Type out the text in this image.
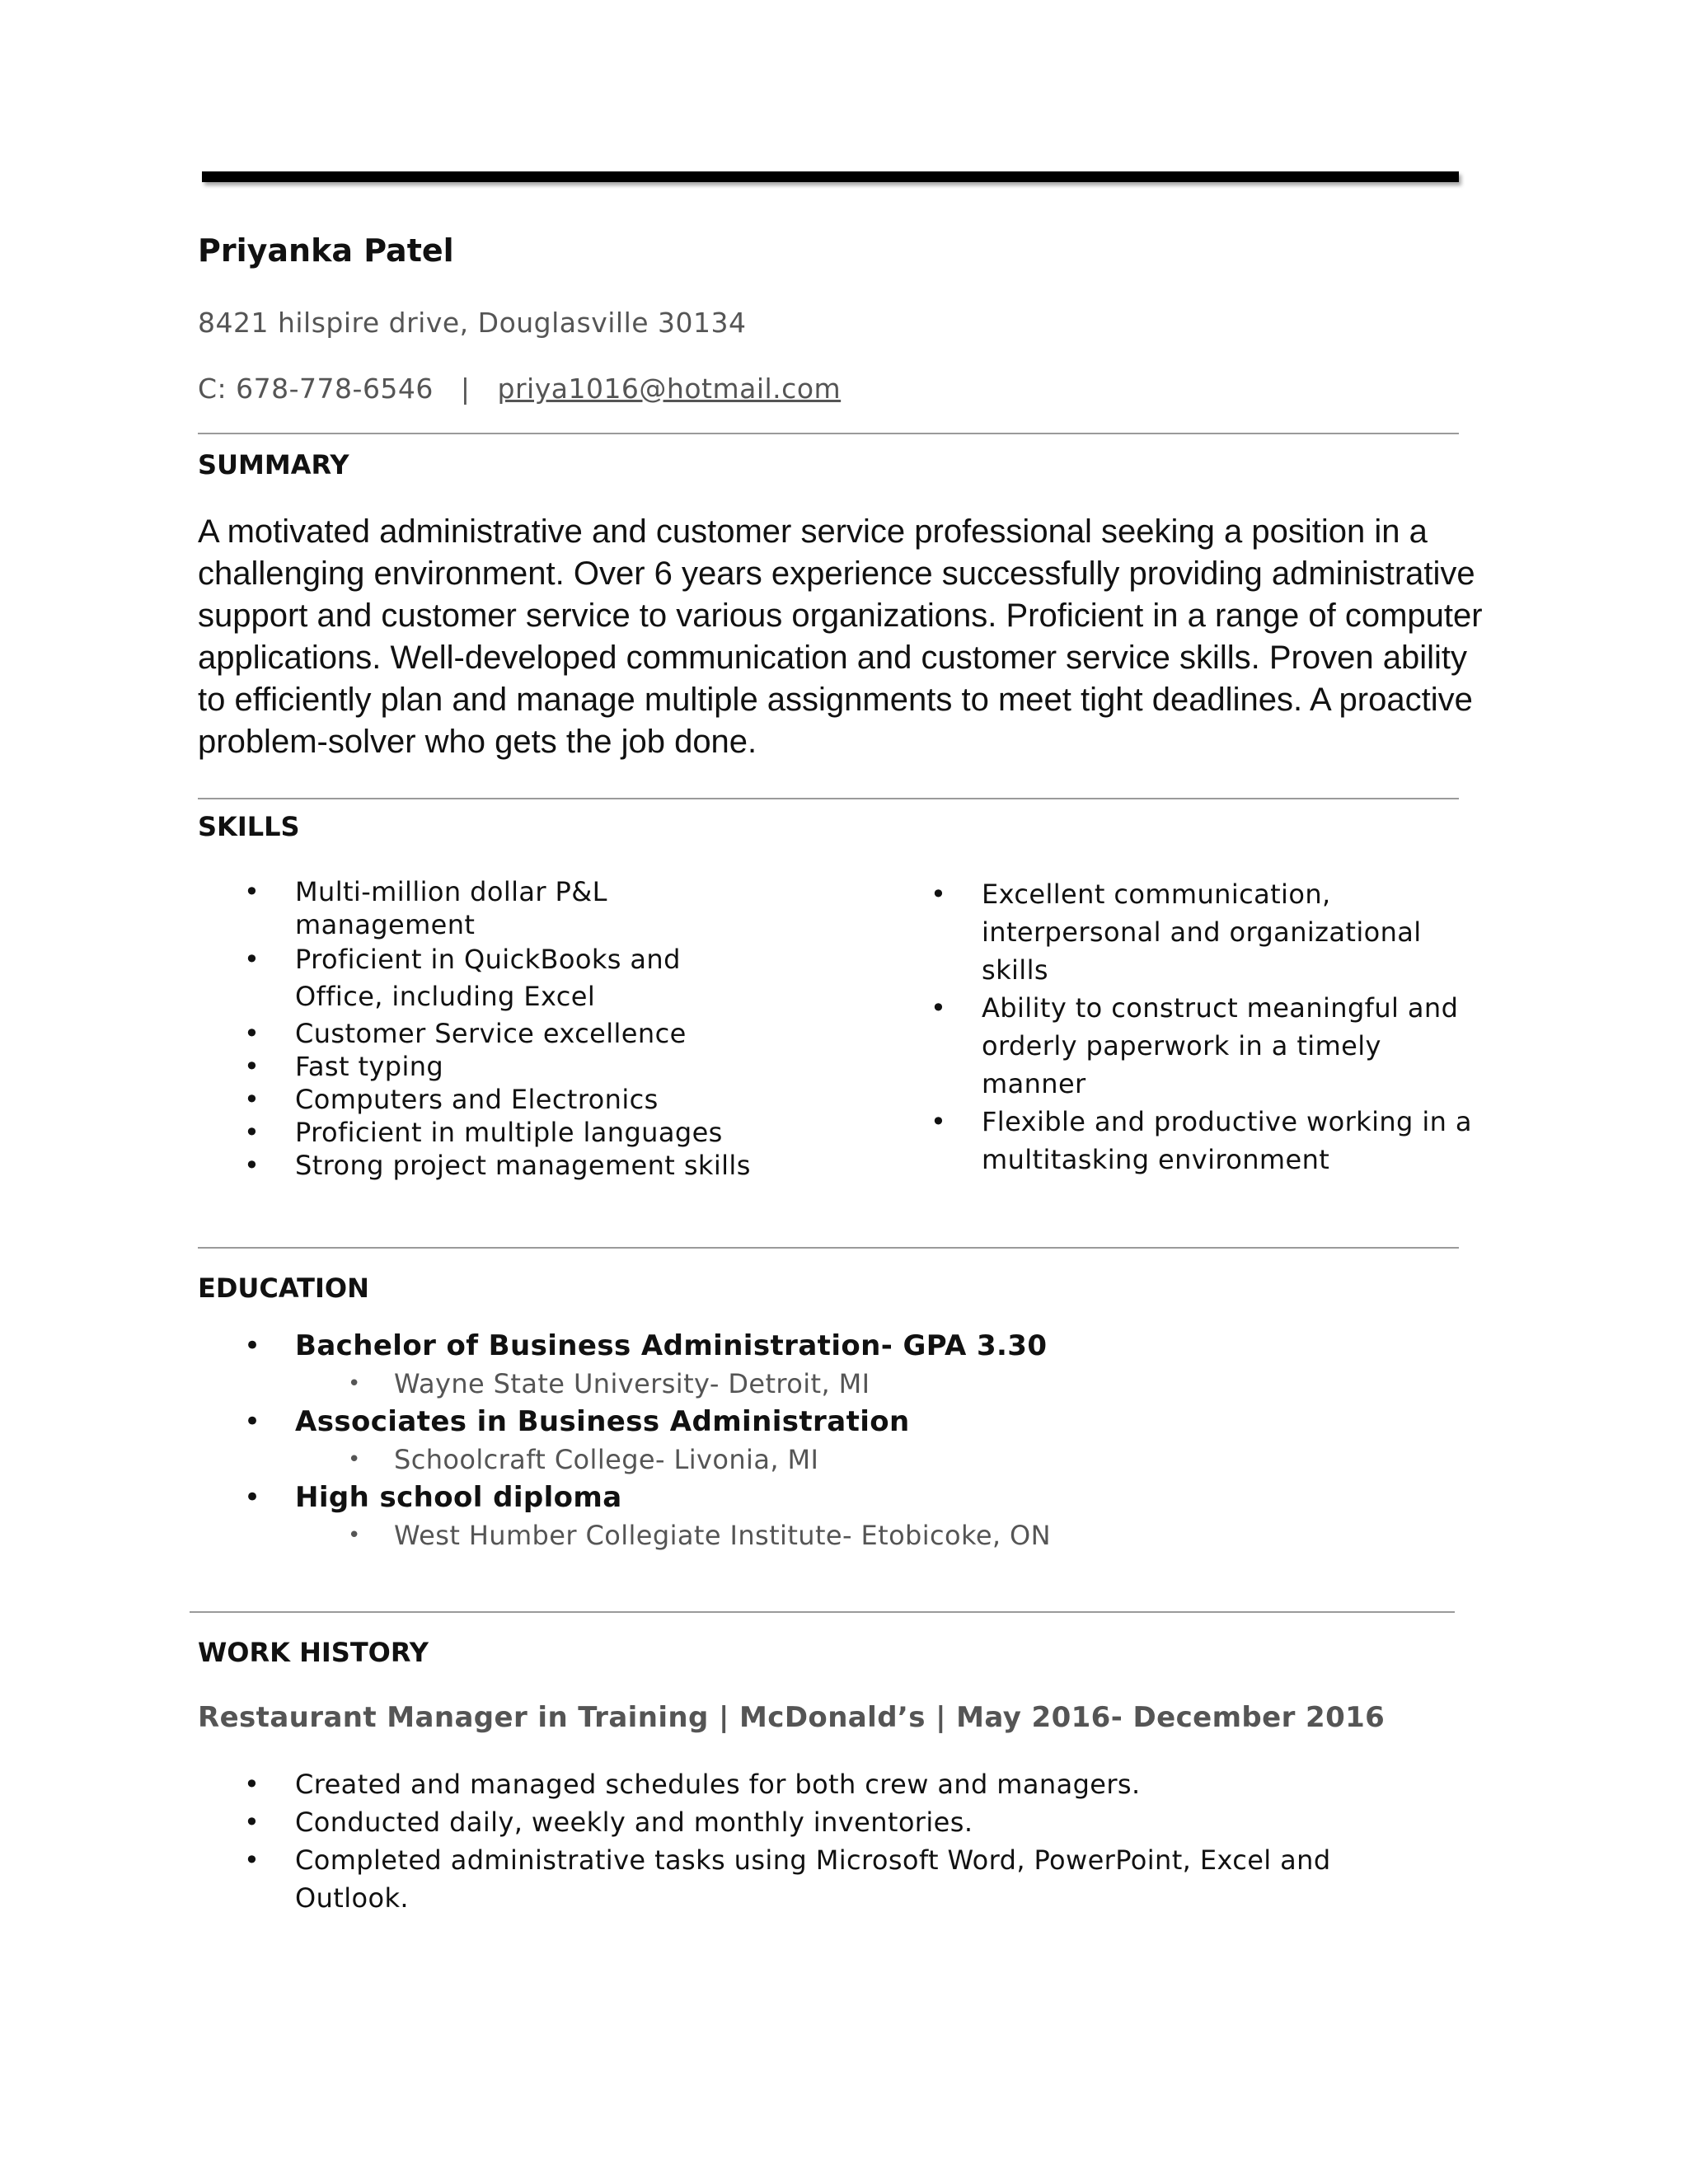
Priyanka Patel
8421 hilspire drive, Douglasville 30134
C: 678-778-6546 | priya1016@hotmail.com
SUMMARY

A motivated administrative and customer service professional seeking a position in a challenging environment. Over 6 years experience successfully providing administrative support and customer service to various organizations. Proficient in a range of computer applications. Well-developed communication and customer service skills. Proven ability to efficiently plan and manage multiple assignments to meet tight deadlines. A proactive problem-solver who gets the job done.

SKILLS
• Multi-million dollar P&L management
• Proficient in QuickBooks and Office, including Excel
• Customer Service excellence
• Fast typing
• Computers and Electronics
• Proficient in multiple languages
• Strong project management skills
• Excellent communication, interpersonal and organizational skills
• Ability to construct meaningful and orderly paperwork in a timely manner
• Flexible and productive working in a multitasking environment
EDUCATION
• Bachelor of Business Administration- GPA 3.30
• Wayne State University- Detroit, MI
• Associates in Business Administration
• Schoolcraft College- Livonia, MI
• High school diploma
• West Humber Collegiate Institute- Etobicoke, ON
WORK HISTORY
Restaurant Manager in Training | McDonald’s | May 2016- December 2016
• Created and managed schedules for both crew and managers.
• Conducted daily, weekly and monthly inventories.
• Completed administrative tasks using Microsoft Word, PowerPoint, Excel and Outlook.
